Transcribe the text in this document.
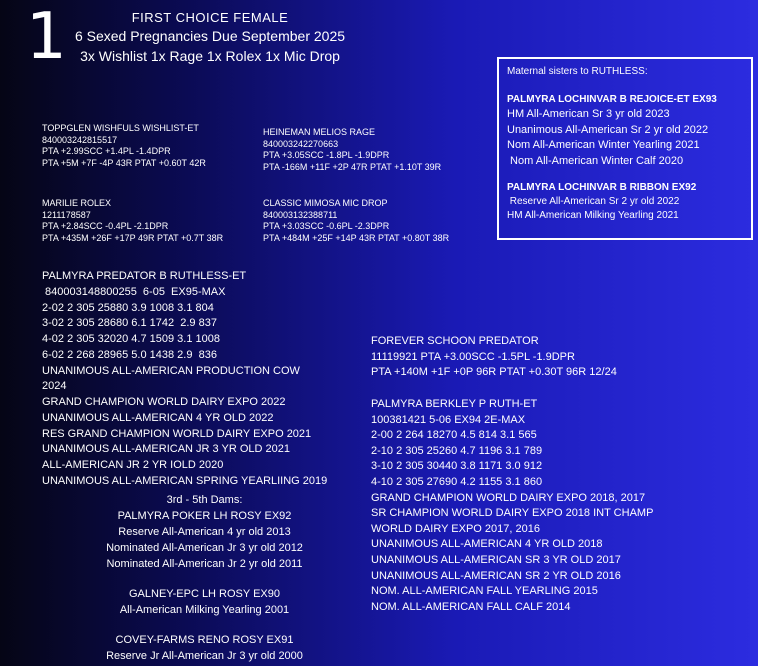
1	FIRST CHOICE FEMALE
6 Sexed Pregnancies Due September 2025
3x Wishlist 1x Rage 1x Rolex 1x Mic Drop
TOPPGLEN WISHFULS WISHLIST-ET
840003242815517
PTA +2.99SCC +1.4PL -1.4DPR
PTA +5M +7F -4P 43R PTAT +0.60T 42R
HEINEMAN MELIOS RAGE
840003242270663
PTA +3.05SCC -1.8PL -1.9DPR
PTA -166M +11F +2P 47R PTAT +1.10T 39R
MARILIE ROLEX
1211178587
PTA +2.84SCC -0.4PL -2.1DPR
PTA +435M +26F +17P 49R PTAT +0.7T 38R
CLASSIC MIMOSA MIC DROP
840003132388711
PTA +3.03SCC -0.6PL -2.3DPR
PTA +484M +25F +14P 43R PTAT +0.80T 38R
PALMYRA PREDATOR B RUTHLESS-ET
840003148800255  6-05  EX95-MAX
2-02 2 305 25880 3.9 1008 3.1 804
3-02 2 305 28680 6.1 1742  2.9 837
4-02 2 305 32020 4.7 1509 3.1 1008
6-02 2 268 28965 5.0 1438 2.9  836
UNANIMOUS ALL-AMERICAN PRODUCTION COW
2024
GRAND CHAMPION WORLD DAIRY EXPO 2022
UNANIMOUS ALL-AMERICAN 4 YR OLD 2022
RES GRAND CHAMPION WORLD DAIRY EXPO 2021
UNANIMOUS ALL-AMERICAN JR 3 YR OLD 2021
ALL-AMERICAN JR 2 YR IOLD 2020
UNANIMOUS ALL-AMERICAN SPRING YEARLIING 2019
3rd - 5th Dams:
PALMYRA POKER LH ROSY EX92
Reserve All-American 4 yr old 2013
Nominated All-American Jr 3 yr old 2012
Nominated All-American Jr 2 yr old 2011
GALNEY-EPC LH ROSY EX90
All-American Milking Yearling 2001
COVEY-FARMS RENO ROSY EX91
Reserve Jr All-American Jr 3 yr old 2000
FOREVER SCHOON PREDATOR
11119921 PTA +3.00SCC -1.5PL -1.9DPR
PTA +140M +1F +0P 96R PTAT +0.30T 96R 12/24
PALMYRA BERKLEY P RUTH-ET
100381421 5-06 EX94 2E-MAX
2-00 2 264 18270 4.5 814 3.1 565
2-10 2 305 25260 4.7 1196 3.1 789
3-10 2 305 30440 3.8 1171 3.0 912
4-10 2 305 27690 4.2 1155 3.1 860
GRAND CHAMPION WORLD DAIRY EXPO 2018, 2017
SR CHAMPION WORLD DAIRY EXPO 2018 INT CHAMP
WORLD DAIRY EXPO 2017, 2016
UNANIMOUS ALL-AMERICAN 4 YR OLD 2018
UNANIMOUS ALL-AMERICAN SR 3 YR OLD 2017
UNANIMOUS ALL-AMERICAN SR 2 YR OLD 2016
NOM. ALL-AMERICAN FALL YEARLING 2015
NOM. ALL-AMERICAN FALL CALF 2014
Maternal sisters to RUTHLESS:
PALMYRA LOCHINVAR B REJOICE-ET EX93
HM All-American Sr 3 yr old 2023
Unanimous All-American Sr 2 yr old 2022
Nom All-American Winter Yearling 2021
Nom All-American Winter Calf 2020
PALMYRA LOCHINVAR B RIBBON EX92
Reserve All-American Sr 2 yr old 2022
HM All-American Milking Yearling 2021
